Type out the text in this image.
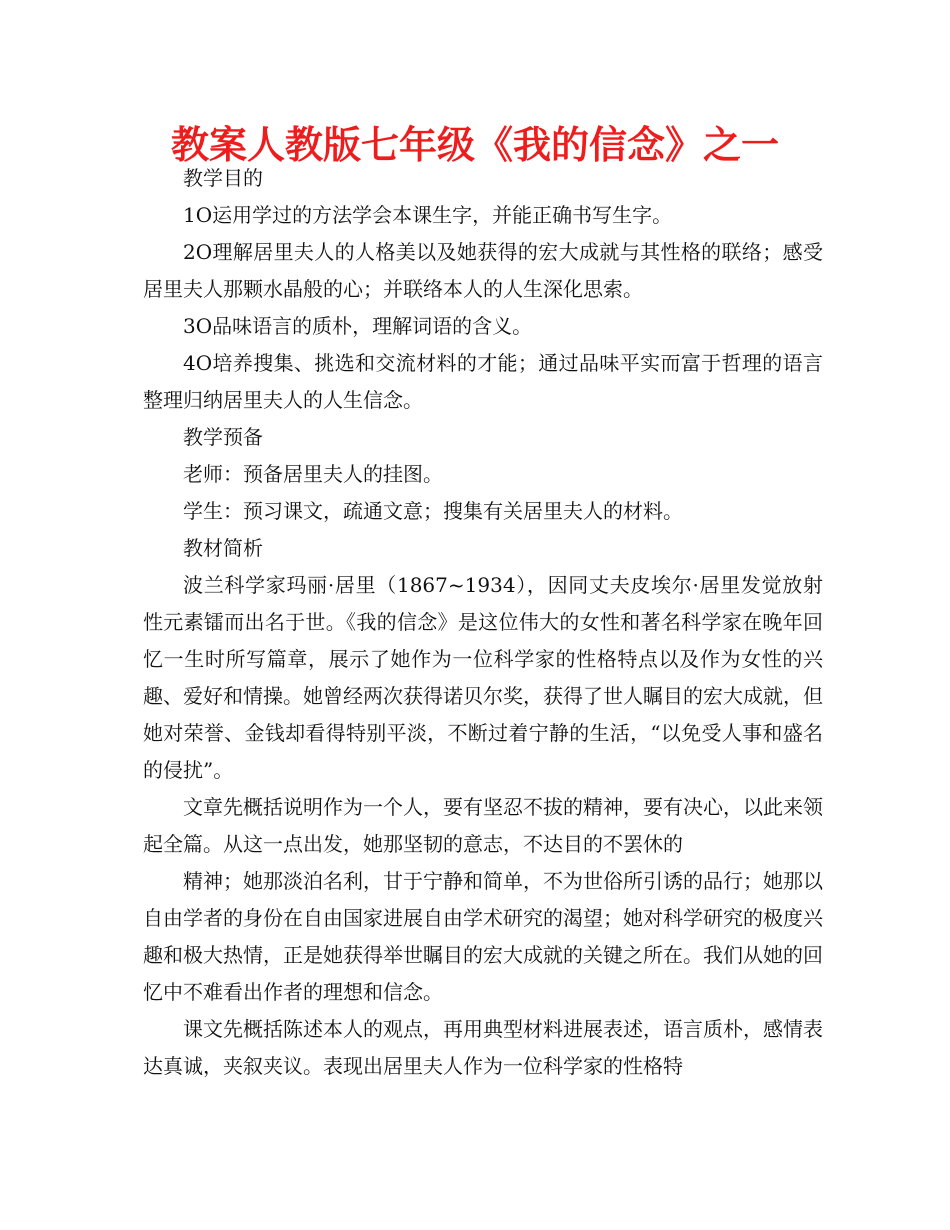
教案人教版七年级《我的信念》之一

教学目的

1O运用学过的方法学会本课生字，并能正确书写生字。

2O理解居里夫人的人格美以及她获得的宏大成就与其性格的联络；感受居里夫人那颗水晶般的心；并联络本人的人生深化思索。

3O品味语言的质朴，理解词语的含义。

4O培养搜集、挑选和交流材料的才能；通过品味平实而富于哲理的语言整理归纳居里夫人的人生信念。

教学预备

老师：预备居里夫人的挂图。

学生：预习课文，疏通文意；搜集有关居里夫人的材料。

教材简析

波兰科学家玛丽·居里（1867~1934），因同丈夫皮埃尔·居里发觉放射性元素镭而出名于世。《我的信念》是这位伟大的女性和著名科学家在晚年回忆一生时所写篇章，展示了她作为一位科学家的性格特点以及作为女性的兴趣、爱好和情操。她曾经两次获得诺贝尔奖，获得了世人瞩目的宏大成就，但她对荣誉、金钱却看得特别平淡，不断过着宁静的生活，“以免受人事和盛名的侵扰”。

文章先概括说明作为一个人，要有坚忍不拔的精神，要有决心，以此来领起全篇。从这一点出发，她那坚韧的意志，不达目的不罢休的

精神；她那淡泊名利，甘于宁静和简单，不为世俗所引诱的品行；她那以自由学者的身份在自由国家进展自由学术研究的渴望；她对科学研究的极度兴趣和极大热情，正是她获得举世瞩目的宏大成就的关键之所在。我们从她的回忆中不难看出作者的理想和信念。

课文先概括陈述本人的观点，再用典型材料进展表述，语言质朴，感情表达真诚，夹叙夹议。表现出居里夫人作为一位科学家的性格特
